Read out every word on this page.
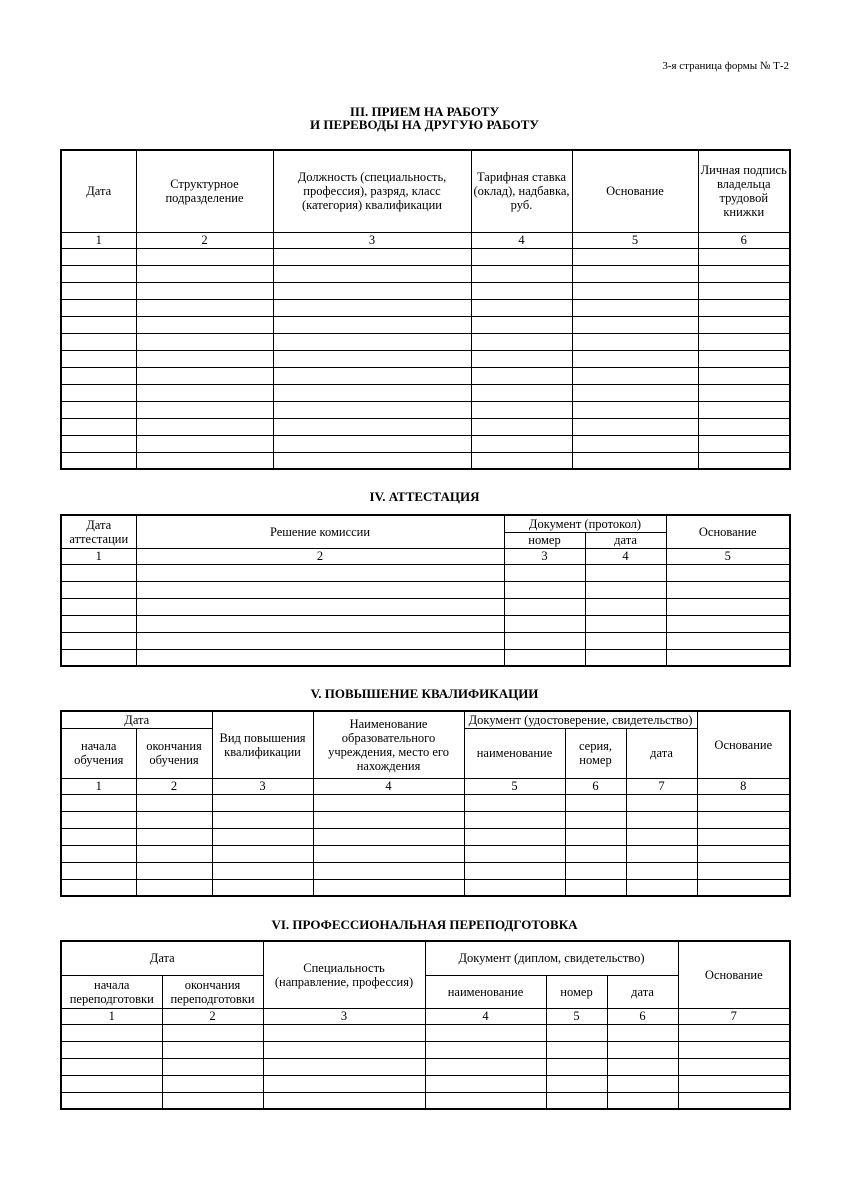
3-я страница формы № Т-2
III. ПРИЕМ НА РАБОТУ
И ПЕРЕВОДЫ НА ДРУГУЮ РАБОТУ
Дата	Структурное подразделение	Должность (специальность, профессия), разряд, класс (категория) квалификации	Тарифная ставка (оклад), надбавка, руб.	Основание	Личная подпись владельца трудовой книжки
1	2	3	4	5	6

IV. АТТЕСТАЦИЯ
Дата аттестации	Решение комиссии	Документ (протокол)		Основание
		номер	дата	
1	2	3	4	5

V. ПОВЫШЕНИЕ КВАЛИФИКАЦИИ
Дата		Вид повышения квалификации	Наименование образовательного учреждения, место его нахождения	Документ (удостоверение, свидетельство)			Основание
начала обучения	окончания обучения			наименование	серия, номер	дата	
1	2	3	4	5	6	7	8

VI. ПРОФЕССИОНАЛЬНАЯ ПЕРЕПОДГОТОВКА
Дата		Специальность (направление, профессия)	Документ (диплом, свидетельство)			Основание
начала переподготовки	окончания переподготовки		наименование	номер	дата	
1	2	3	4	5	6	7
